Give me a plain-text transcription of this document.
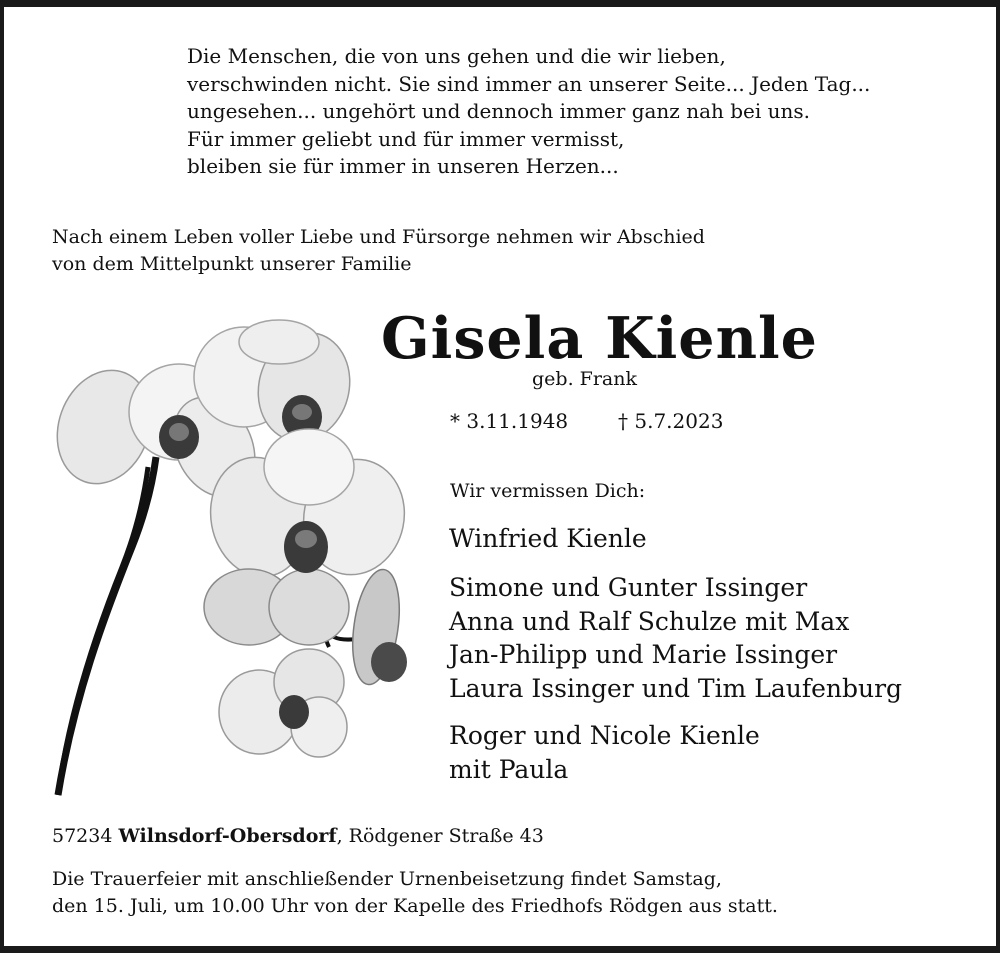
Die Menschen, die von uns gehen und die wir lieben,
verschwinden nicht. Sie sind immer an unserer Seite... Jeden Tag...
ungesehen... ungehört und dennoch immer ganz nah bei uns.
Für immer geliebt und für immer vermisst,
bleiben sie für immer in unseren Herzen...
Nach einem Leben voller Liebe und Fürsorge nehmen wir Abschied
von dem Mittelpunkt unserer Familie
Gisela Kienle
geb. Frank
* 3.11.1948 † 5.7.2023
Wir vermissen Dich:
Winfried Kienle
Simone und Gunter Issinger
Anna und Ralf Schulze mit Max
Jan-Philipp und Marie Issinger
Laura Issinger und Tim Laufenburg
Roger und Nicole Kienle
mit Paula
57234 Wilnsdorf-Obersdorf, Rödgener Straße 43
Die Trauerfeier mit anschließender Urnenbeisetzung findet Samstag,
den 15. Juli, um 10.00 Uhr von der Kapelle des Friedhofs Rödgen aus statt.
